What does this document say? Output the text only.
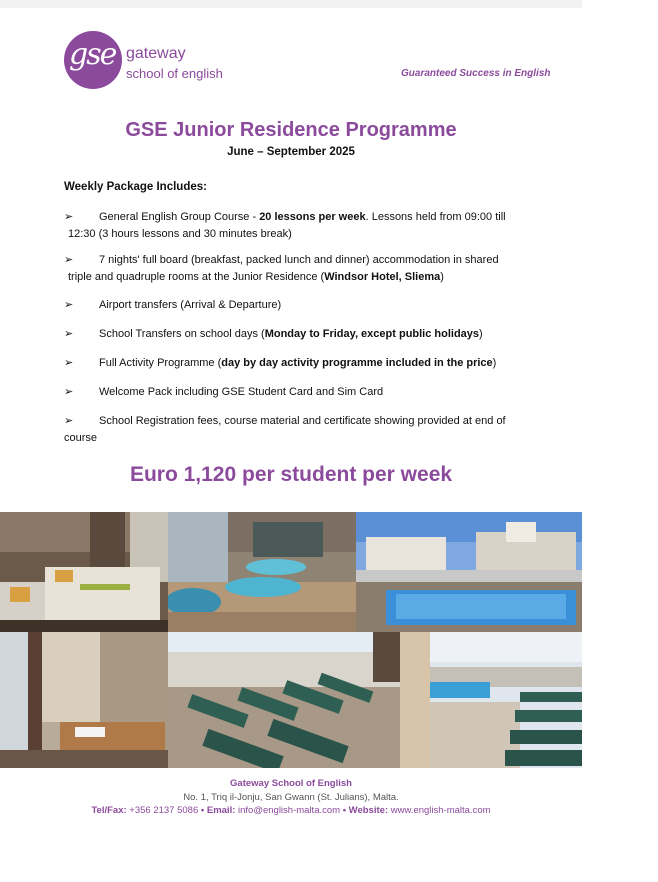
gse gateway
school of english	Guaranteed Success in English
GSE Junior Residence Programme
June – September 2025
Weekly Package Includes:
➢ General English Group Course - 20 lessons per week. Lessons held from 09:00 till
12:30 (3 hours lessons and 30 minutes break)
➢ 7 nights' full board (breakfast, packed lunch and dinner) accommodation in shared
triple and quadruple rooms at the Junior Residence (Windsor Hotel, Sliema)
➢ Airport transfers (Arrival & Departure)
➢ School Transfers on school days (Monday to Friday, except public holidays)
➢ Full Activity Programme (day by day activity programme included in the price)
➢ Welcome Pack including GSE Student Card and Sim Card
➢ School Registration fees, course material and certificate showing provided at end of
course
Euro 1,120 per student per week
Gateway School of English
No. 1, Triq il-Jonju, San Gwann (St. Julians), Malta.
Tel/Fax: +356 2137 5086 • Email: info@english-malta.com • Website: www.english-malta.com
